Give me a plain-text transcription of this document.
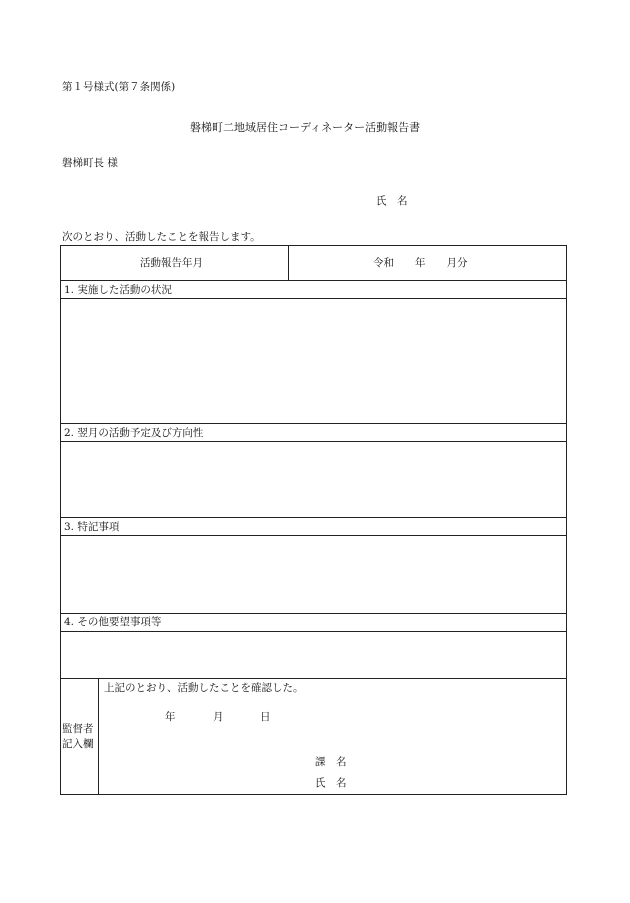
第１号様式(第７条関係)
磐梯町二地域居住コーディネーター活動報告書
磐梯町長 様
氏　名
次のとおり、活動したことを報告します。
活動報告年月	令和　　年　　月分
1. 実施した活動の状況
2. 翌月の活動予定及び方向性
3. 特記事項
4. その他要望事項等
監督者
記入欄
上記のとおり、活動したことを確認した。
年	月	日
課　名
氏　名
